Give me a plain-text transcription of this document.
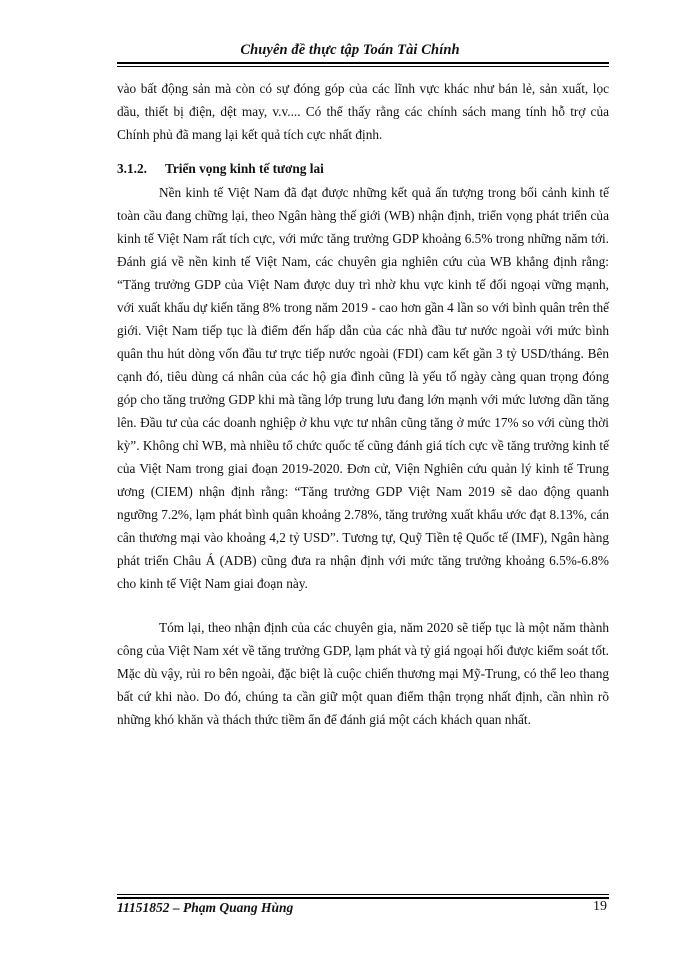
Chuyên đề thực tập Toán Tài Chính

vào bất động sản mà còn có sự đóng góp của các lĩnh vực khác như bán lẻ, sản xuất, lọc dầu, thiết bị điện, dệt may, v.v.... Có thể thấy rằng các chính sách mang tính hỗ trợ của Chính phủ đã mang lại kết quả tích cực nhất định.

3.1.2. Triển vọng kinh tế tương lai

Nền kinh tế Việt Nam đã đạt được những kết quả ấn tượng trong bối cảnh kinh tế toàn cầu đang chững lại, theo Ngân hàng thế giới (WB) nhận định, triển vọng phát triển của kinh tế Việt Nam rất tích cực, với mức tăng trưởng GDP khoảng 6.5% trong những năm tới. Đánh giá về nền kinh tế Việt Nam, các chuyên gia nghiên cứu của WB khẳng định rằng: “Tăng trưởng GDP của Việt Nam được duy trì nhờ khu vực kinh tế đối ngoại vững mạnh, với xuất khẩu dự kiến tăng 8% trong năm 2019 - cao hơn gần 4 lần so với bình quân trên thế giới. Việt Nam tiếp tục là điểm đến hấp dẫn của các nhà đầu tư nước ngoài với mức bình quân thu hút dòng vốn đầu tư trực tiếp nước ngoài (FDI) cam kết gần 3 tỷ USD/tháng. Bên cạnh đó, tiêu dùng cá nhân của các hộ gia đình cũng là yếu tố ngày càng quan trọng đóng góp cho tăng trưởng GDP khi mà tầng lớp trung lưu đang lớn mạnh với mức lương dần tăng lên. Đầu tư của các doanh nghiệp ở khu vực tư nhân cũng tăng ở mức 17% so với cùng thời kỳ”. Không chỉ WB, mà nhiều tổ chức quốc tế cũng đánh giá tích cực về tăng trưởng kinh tế của Việt Nam trong giai đoạn 2019-2020. Đơn cử, Viện Nghiên cứu quản lý kinh tế Trung ương (CIEM) nhận định rằng: “Tăng trưởng GDP Việt Nam 2019 sẽ dao động quanh ngưỡng 7.2%, lạm phát bình quân khoảng 2.78%, tăng trưởng xuất khẩu ước đạt 8.13%, cán cân thương mại vào khoảng 4,2 tỷ USD”. Tương tự, Quỹ Tiền tệ Quốc tế (IMF), Ngân hàng phát triển Châu Á (ADB) cũng đưa ra nhận định với mức tăng trưởng khoảng 6.5%-6.8% cho kinh tế Việt Nam giai đoạn này.

Tóm lại, theo nhận định của các chuyên gia, năm 2020 sẽ tiếp tục là một năm thành công của Việt Nam xét về tăng trưởng GDP, lạm phát và tỷ giá ngoại hối được kiểm soát tốt. Mặc dù vậy, rủi ro bên ngoài, đặc biệt là cuộc chiến thương mại Mỹ-Trung, có thể leo thang bất cứ khi nào. Do đó, chúng ta cần giữ một quan điểm thận trọng nhất định, cần nhìn rõ những khó khăn và thách thức tiềm ẩn để đánh giá một cách khách quan nhất.

11151852 – Phạm Quang Hùng	19
